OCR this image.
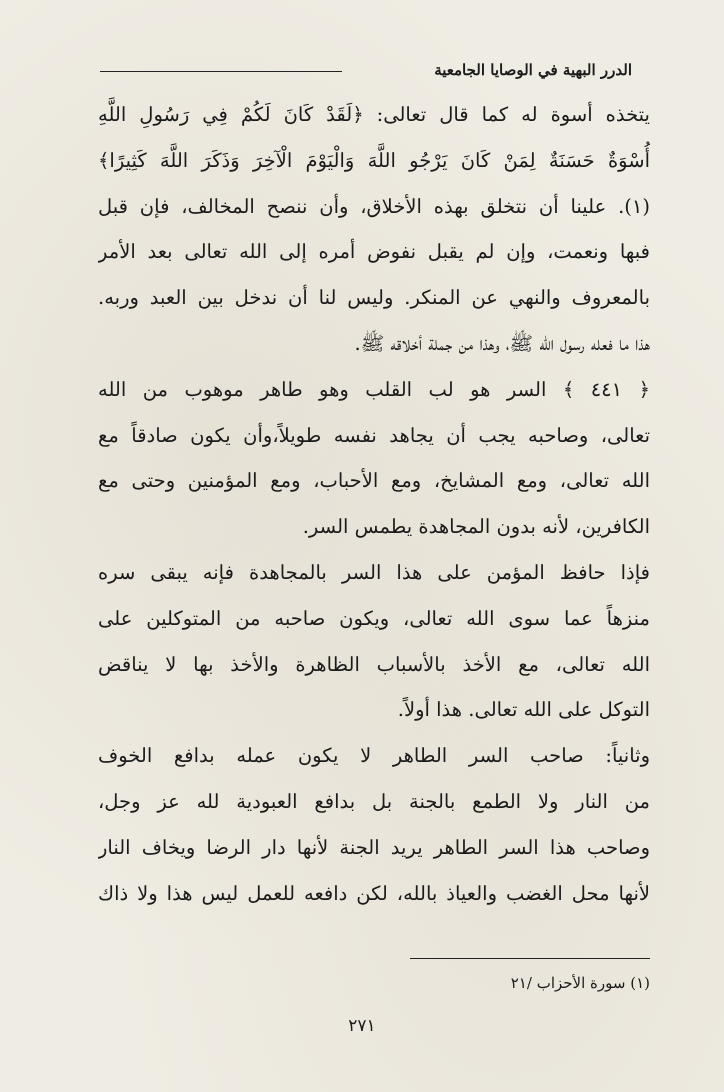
الدرر البهية في الوصايا الجامعية
يتخذه أسوة له كما قال تعالى: ﴿لَقَدْ كَانَ لَكُمْ فِي رَسُولِ اللَّهِ
أُسْوَةٌ حَسَنَةٌ لِمَنْ كَانَ يَرْجُو اللَّهَ وَالْيَوْمَ الْآخِرَ وَذَكَرَ اللَّهَ كَثِيرًا﴾
(١). علينا أن نتخلق بهذه الأخلاق، وأن ننصح المخالف، فإن قبل
فبها ونعمت، وإن لم يقبل نفوض أمره إلى الله تعالى بعد الأمر
بالمعروف والنهي عن المنكر. وليس لنا أن ندخل بين العبد وربه.
هذا ما فعله رسول الله ﷺ، وهذا من جملة أخلاقه ﷺ.
﴿ ٤٤١ ﴾ السر هو لب القلب وهو طاهر موهوب من الله
تعالى، وصاحبه يجب أن يجاهد نفسه طويلاً،وأن يكون صادقاً مع
الله تعالى، ومع المشايخ، ومع الأحباب، ومع المؤمنين وحتى مع
الكافرين، لأنه بدون المجاهدة يطمس السر.
فإذا حافظ المؤمن على هذا السر بالمجاهدة فإنه يبقى سره
منزهاً عما سوى الله تعالى، ويكون صاحبه من المتوكلين على
الله تعالى، مع الأخذ بالأسباب الظاهرة والأخذ بها لا يناقض
التوكل على الله تعالى. هذا أولاً.
وثانياً: صاحب السر الطاهر لا يكون عمله بدافع الخوف
من النار ولا الطمع بالجنة بل بدافع العبودية لله عز وجل،
وصاحب هذا السر الطاهر يريد الجنة لأنها دار الرضا ويخاف النار
لأنها محل الغضب والعياذ بالله، لكن دافعه للعمل ليس هذا ولا ذاك
(١) سورة الأحزاب /٢١
٢٧١
